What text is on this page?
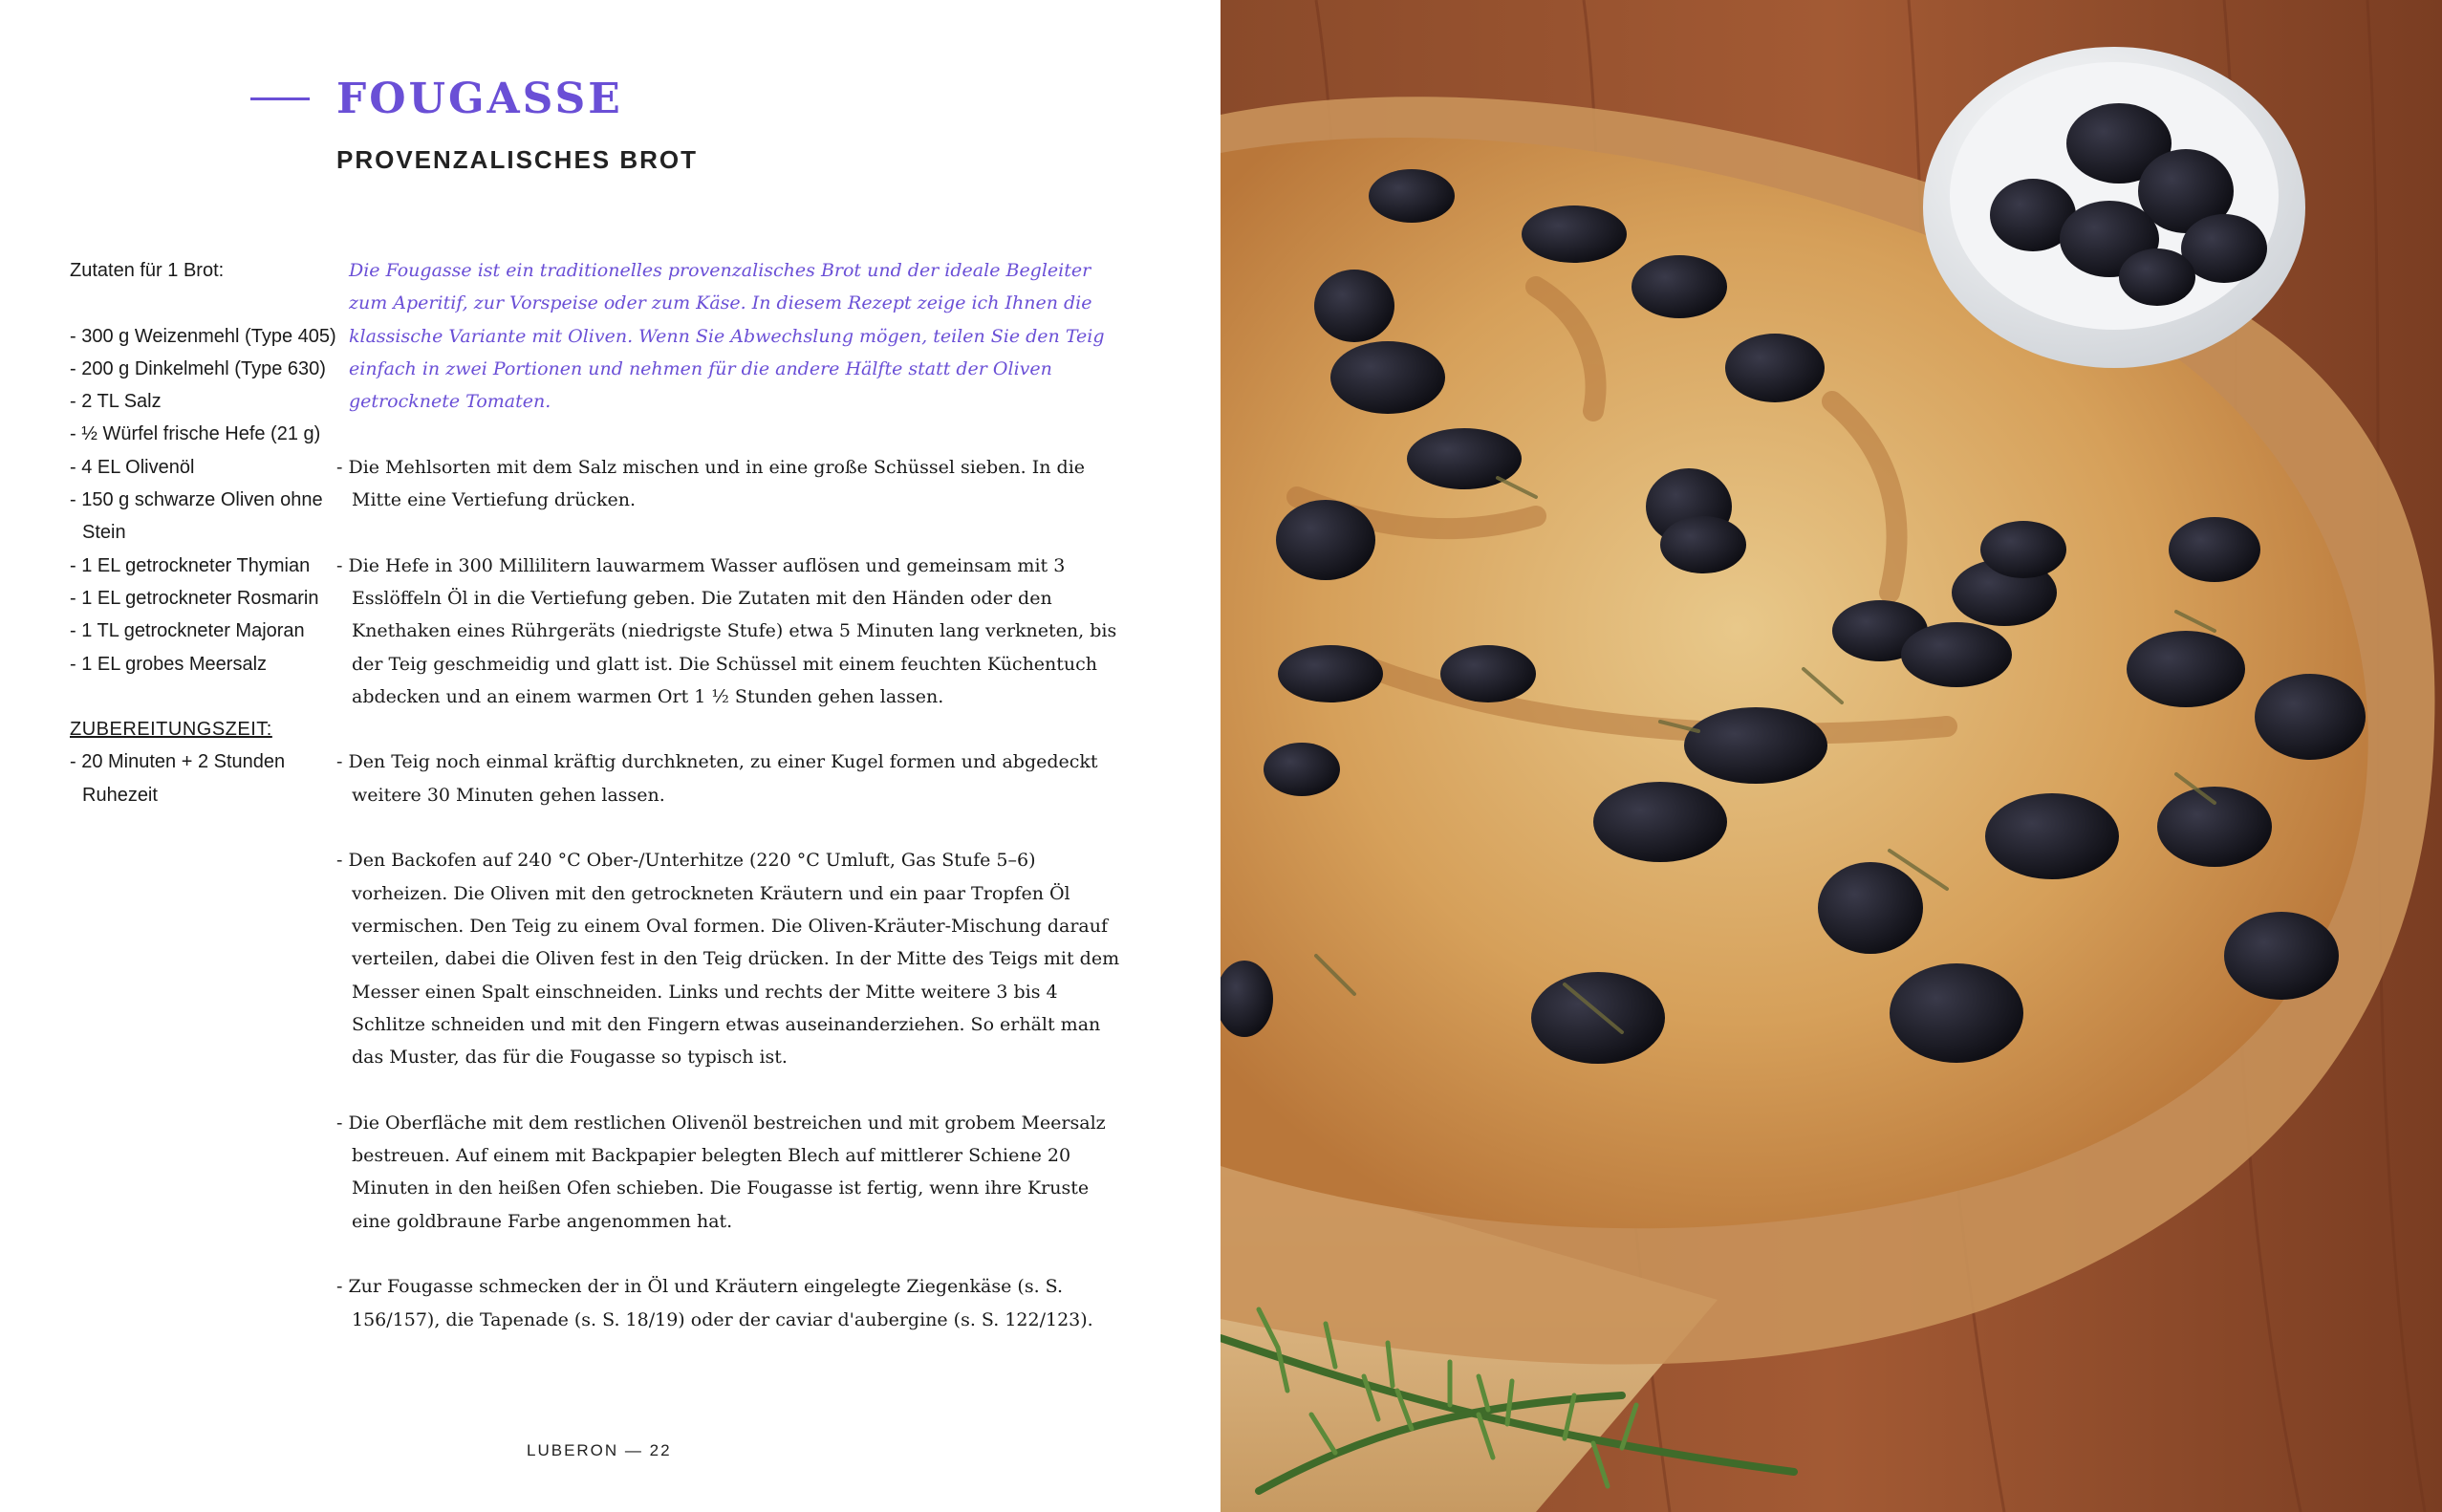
FOUGASSE
PROVENZALISCHES BROT

Zutaten für 1 Brot:

- 300 g Weizenmehl (Type 405)
- 200 g Dinkelmehl (Type 630)
- 2 TL Salz
- ½ Würfel frische Hefe (21 g)
- 4 EL Olivenöl
- 150 g schwarze Oliven ohne Stein
- 1 EL getrockneter Thymian
- 1 EL getrockneter Rosmarin
- 1 TL getrockneter Majoran
- 1 EL grobes Meersalz

ZUBEREITUNGSZEIT:

- 20 Minuten + 2 Stunden Ruhezeit

Die Fougasse ist ein traditionelles provenzalisches Brot und der ideale Begleiter zum Aperitif, zur Vorspeise oder zum Käse. In diesem Rezept zeige ich Ihnen die klassische Variante mit Oliven. Wenn Sie Abwechslung mögen, teilen Sie den Teig einfach in zwei Portionen und nehmen für die andere Hälfte statt der Oliven getrocknete Tomaten.

- Die Mehlsorten mit dem Salz mischen und in eine große Schüssel sieben. In die Mitte eine Vertiefung drücken.
- Die Hefe in 300 Millilitern lauwarmem Wasser auflösen und gemeinsam mit 3 Esslöffeln Öl in die Vertiefung geben. Die Zutaten mit den Händen oder den Knethaken eines Rührgeräts (niedrigste Stufe) etwa 5 Minuten lang verkneten, bis der Teig geschmeidig und glatt ist. Die Schüssel mit einem feuchten Küchentuch abdecken und an einem warmen Ort 1 ½ Stunden gehen lassen.
- Den Teig noch einmal kräftig durchkneten, zu einer Kugel formen und abgedeckt weitere 30 Minuten gehen lassen.
- Den Backofen auf 240 °C Ober-/Unterhitze (220 °C Umluft, Gas Stufe 5–6) vorheizen. Die Oliven mit den getrockneten Kräutern und ein paar Tropfen Öl vermischen. Den Teig zu einem Oval formen. Die Oliven-Kräuter-Mischung darauf verteilen, dabei die Oliven fest in den Teig drücken. In der Mitte des Teigs mit dem Messer einen Spalt einschneiden. Links und rechts der Mitte weitere 3 bis 4 Schlitze schneiden und mit den Fingern etwas auseinanderziehen. So erhält man das Muster, das für die Fougasse so typisch ist.
- Die Oberfläche mit dem restlichen Olivenöl bestreichen und mit grobem Meersalz bestreuen. Auf einem mit Backpapier belegten Blech auf mittlerer Schiene 20 Minuten in den heißen Ofen schieben. Die Fougasse ist fertig, wenn ihre Kruste eine goldbraune Farbe angenommen hat.
- Zur Fougasse schmecken der in Öl und Kräutern eingelegte Ziegenkäse (s. S. 156/157), die Tapenade (s. S. 18/19) oder der caviar d'aubergine (s. S. 122/123).

LUBERON — 22
